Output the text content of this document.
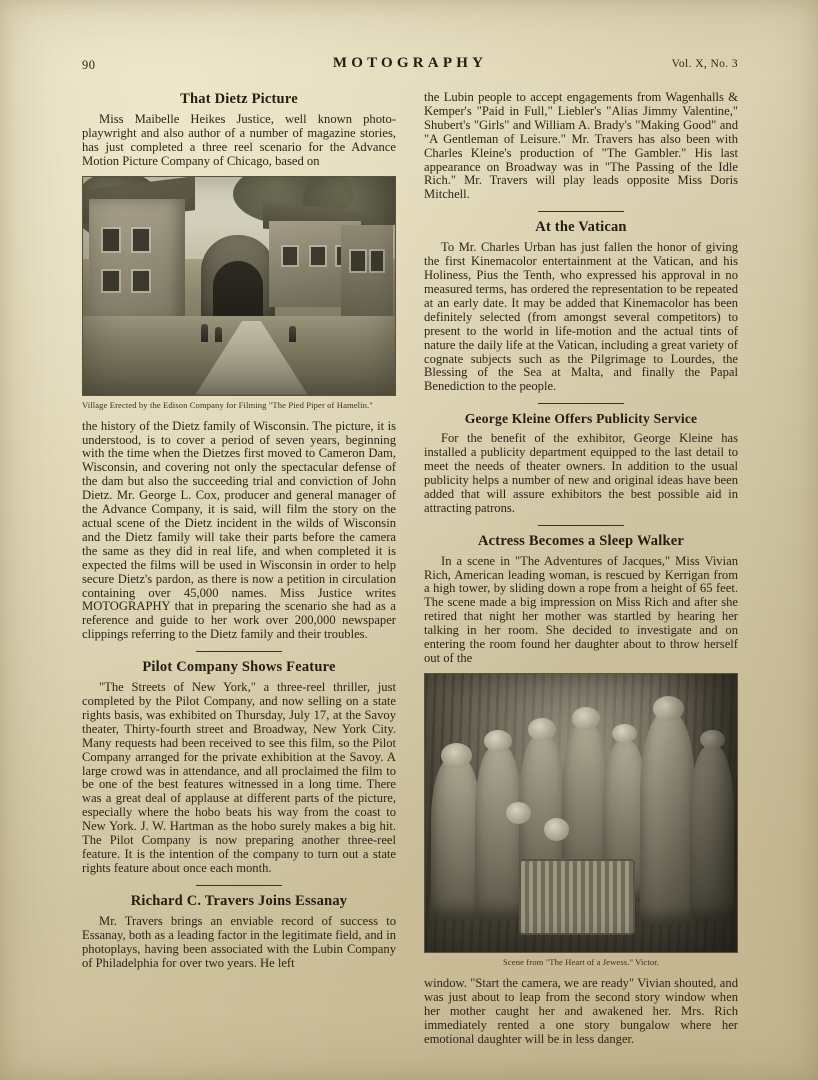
90	MOTOGRAPHY	Vol. X, No. 3
That Dietz Picture

Miss Maibelle Heikes Justice, well known photo-playwright and also author of a number of magazine stories, has just completed a three reel scenario for the Advance Motion Picture Company of Chicago, based on

Village Erected by the Edison Company for Filming "The Pied Piper of Hamelin."

the history of the Dietz family of Wisconsin. The picture, it is understood, is to cover a period of seven years, beginning with the time when the Dietzes first moved to Cameron Dam, Wisconsin, and covering not only the spectacular defense of the dam but also the succeeding trial and conviction of John Dietz. Mr. George L. Cox, producer and general manager of the Advance Company, it is said, will film the story on the actual scene of the Dietz incident in the wilds of Wisconsin and the Dietz family will take their parts before the camera the same as they did in real life, and when completed it is expected the films will be used in Wisconsin in order to help secure Dietz's pardon, as there is now a petition in circulation containing over 45,000 names. Miss Justice writes MOTOGRAPHY that in preparing the scenario she had as a reference and guide to her work over 200,000 newspaper clippings referring to the Dietz family and their troubles.

Pilot Company Shows Feature

"The Streets of New York," a three-reel thriller, just completed by the Pilot Company, and now selling on a state rights basis, was exhibited on Thursday, July 17, at the Savoy theater, Thirty-fourth street and Broadway, New York City. Many requests had been received to see this film, so the Pilot Company arranged for the private exhibition at the Savoy. A large crowd was in attendance, and all proclaimed the film to be one of the best features witnessed in a long time. There was a great deal of applause at different parts of the picture, especially where the hobo beats his way from the coast to New York. J. W. Hartman as the hobo surely makes a big hit. The Pilot Company is now preparing another three-reel feature. It is the intention of the company to turn out a state rights feature about once each month.

Richard C. Travers Joins Essanay

Mr. Travers brings an enviable record of success to Essanay, both as a leading factor in the legitimate field, and in photoplays, having been associated with the Lubin Company of Philadelphia for over two years. He left

the Lubin people to accept engagements from Wagenhalls & Kemper's "Paid in Full," Liebler's "Alias Jimmy Valentine," Shubert's "Girls" and William A. Brady's "Making Good" and "A Gentleman of Leisure." Mr. Travers has also been with Charles Kleine's production of "The Gambler." His last appearance on Broadway was in "The Passing of the Idle Rich." Mr. Travers will play leads opposite Miss Doris Mitchell.

At the Vatican

To Mr. Charles Urban has just fallen the honor of giving the first Kinemacolor entertainment at the Vatican, and his Holiness, Pius the Tenth, who expressed his approval in no measured terms, has ordered the representation to be repeated at an early date. It may be added that Kinemacolor has been definitely selected (from amongst several competitors) to present to the world in life-motion and the actual tints of nature the daily life at the Vatican, including a great variety of cognate subjects such as the Pilgrimage to Lourdes, the Blessing of the Sea at Malta, and finally the Papal Benediction to the people.

George Kleine Offers Publicity Service

For the benefit of the exhibitor, George Kleine has installed a publicity department equipped to the last detail to meet the needs of theater owners. In addition to the usual publicity helps a number of new and original ideas have been added that will assure exhibitors the best possible aid in attracting patrons.

Actress Becomes a Sleep Walker

In a scene in "The Adventures of Jacques," Miss Vivian Rich, American leading woman, is rescued by Kerrigan from a high tower, by sliding down a rope from a height of 65 feet. The scene made a big impression on Miss Rich and after she retired that night her mother was startled by hearing her talking in her room. She decided to investigate and on entering the room found her daughter about to throw herself out of the

Scene from "The Heart of a Jewess." Victor.

window. "Start the camera, we are ready" Vivian shouted, and was just about to leap from the second story window when her mother caught her and awakened her. Mrs. Rich immediately rented a one story bungalow where her emotional daughter will be in less danger.
